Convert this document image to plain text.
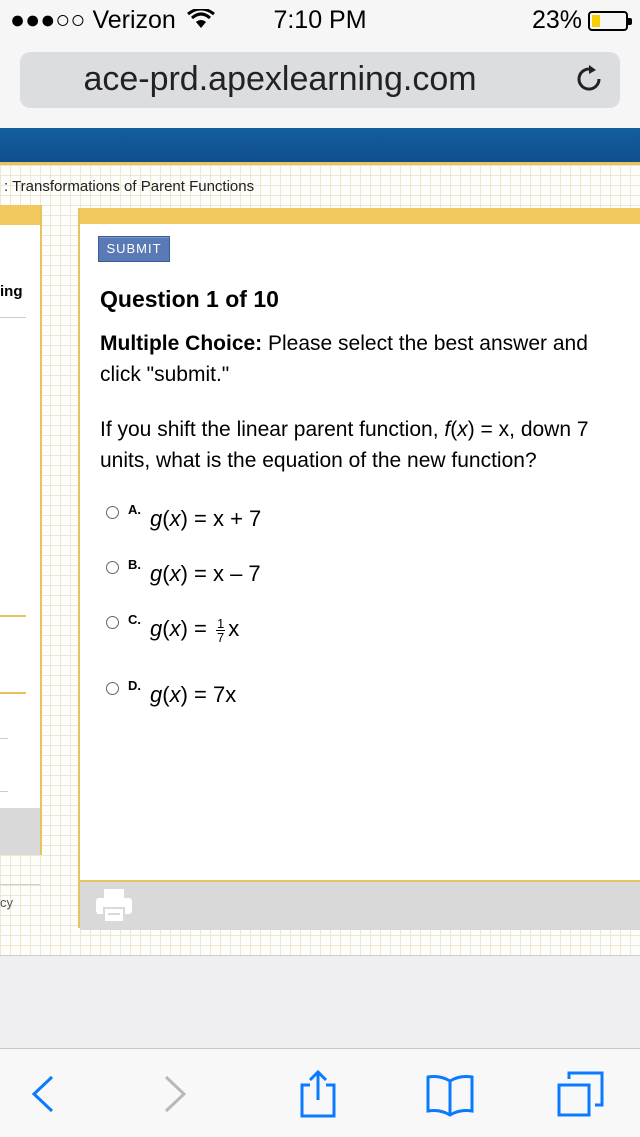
7:10 PM
●●●○○ Verizon	23%
ace-prd.apexlearning.com
: Transformations of Parent Functions
ing
cy
SUBMIT
Question 1 of 10
Multiple Choice: Please select the best answer and click "submit."
If you shift the linear parent function, f(x) = x, down 7 units, what is the equation of the new function?
A. g(x) = x + 7
B. g(x) = x – 7
C. $g(x) = \frac{1}{7}$ x
D. g(x) = 7x
